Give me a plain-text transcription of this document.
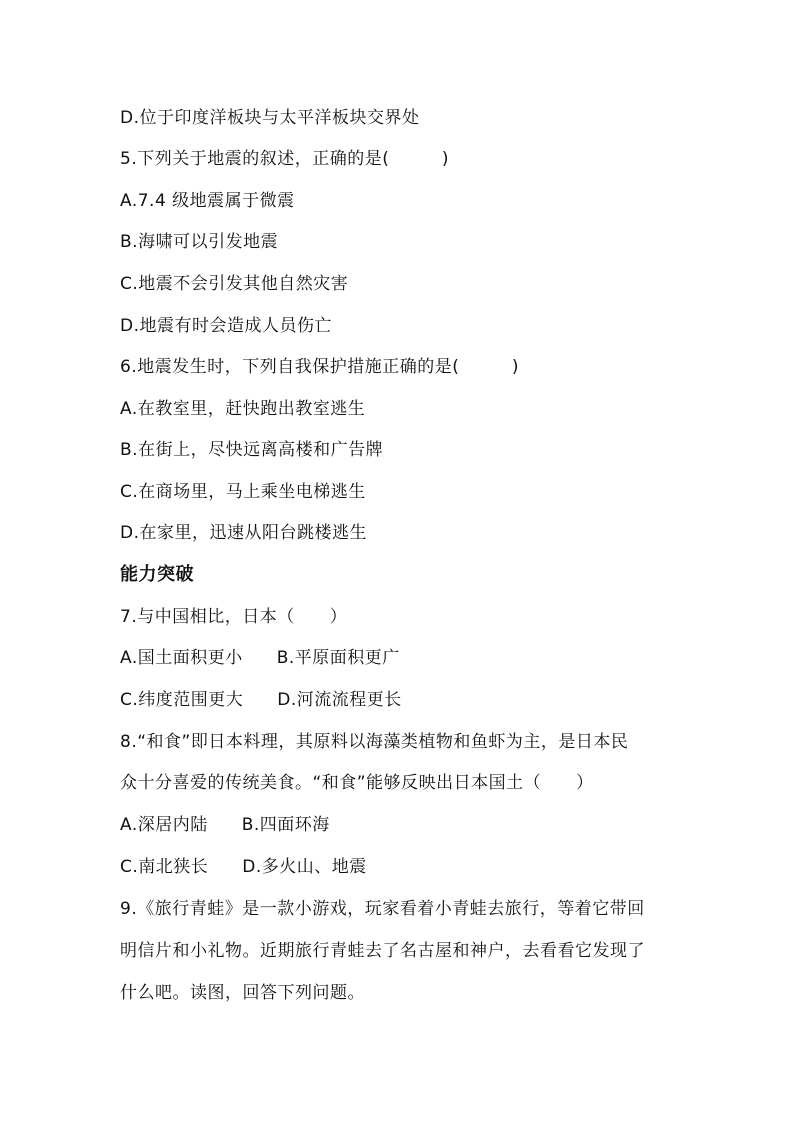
D.位于印度洋板块与太平洋板块交界处
5.下列关于地震的叙述，正确的是(　　　)
A.7.4 级地震属于微震
B.海啸可以引发地震
C.地震不会引发其他自然灾害
D.地震有时会造成人员伤亡
6.地震发生时，下列自我保护措施正确的是(　　　)
A.在教室里，赶快跑出教室逃生
B.在街上，尽快远离高楼和广告牌
C.在商场里，马上乘坐电梯逃生
D.在家里，迅速从阳台跳楼逃生
能力突破
7.与中国相比，日本（　　）
A.国土面积更小 B.平原面积更广
C.纬度范围更大 D.河流流程更长
8.“和食”即日本料理，其原料以海藻类植物和鱼虾为主，是日本民
众十分喜爱的传统美食。“和食”能够反映出日本国土（　　）
A.深居内陆 B.四面环海
C.南北狭长 D.多火山、地震
9.《旅行青蛙》是一款小游戏，玩家看着小青蛙去旅行，等着它带回
明信片和小礼物。近期旅行青蛙去了名古屋和神户，去看看它发现了
什么吧。读图，回答下列问题。
